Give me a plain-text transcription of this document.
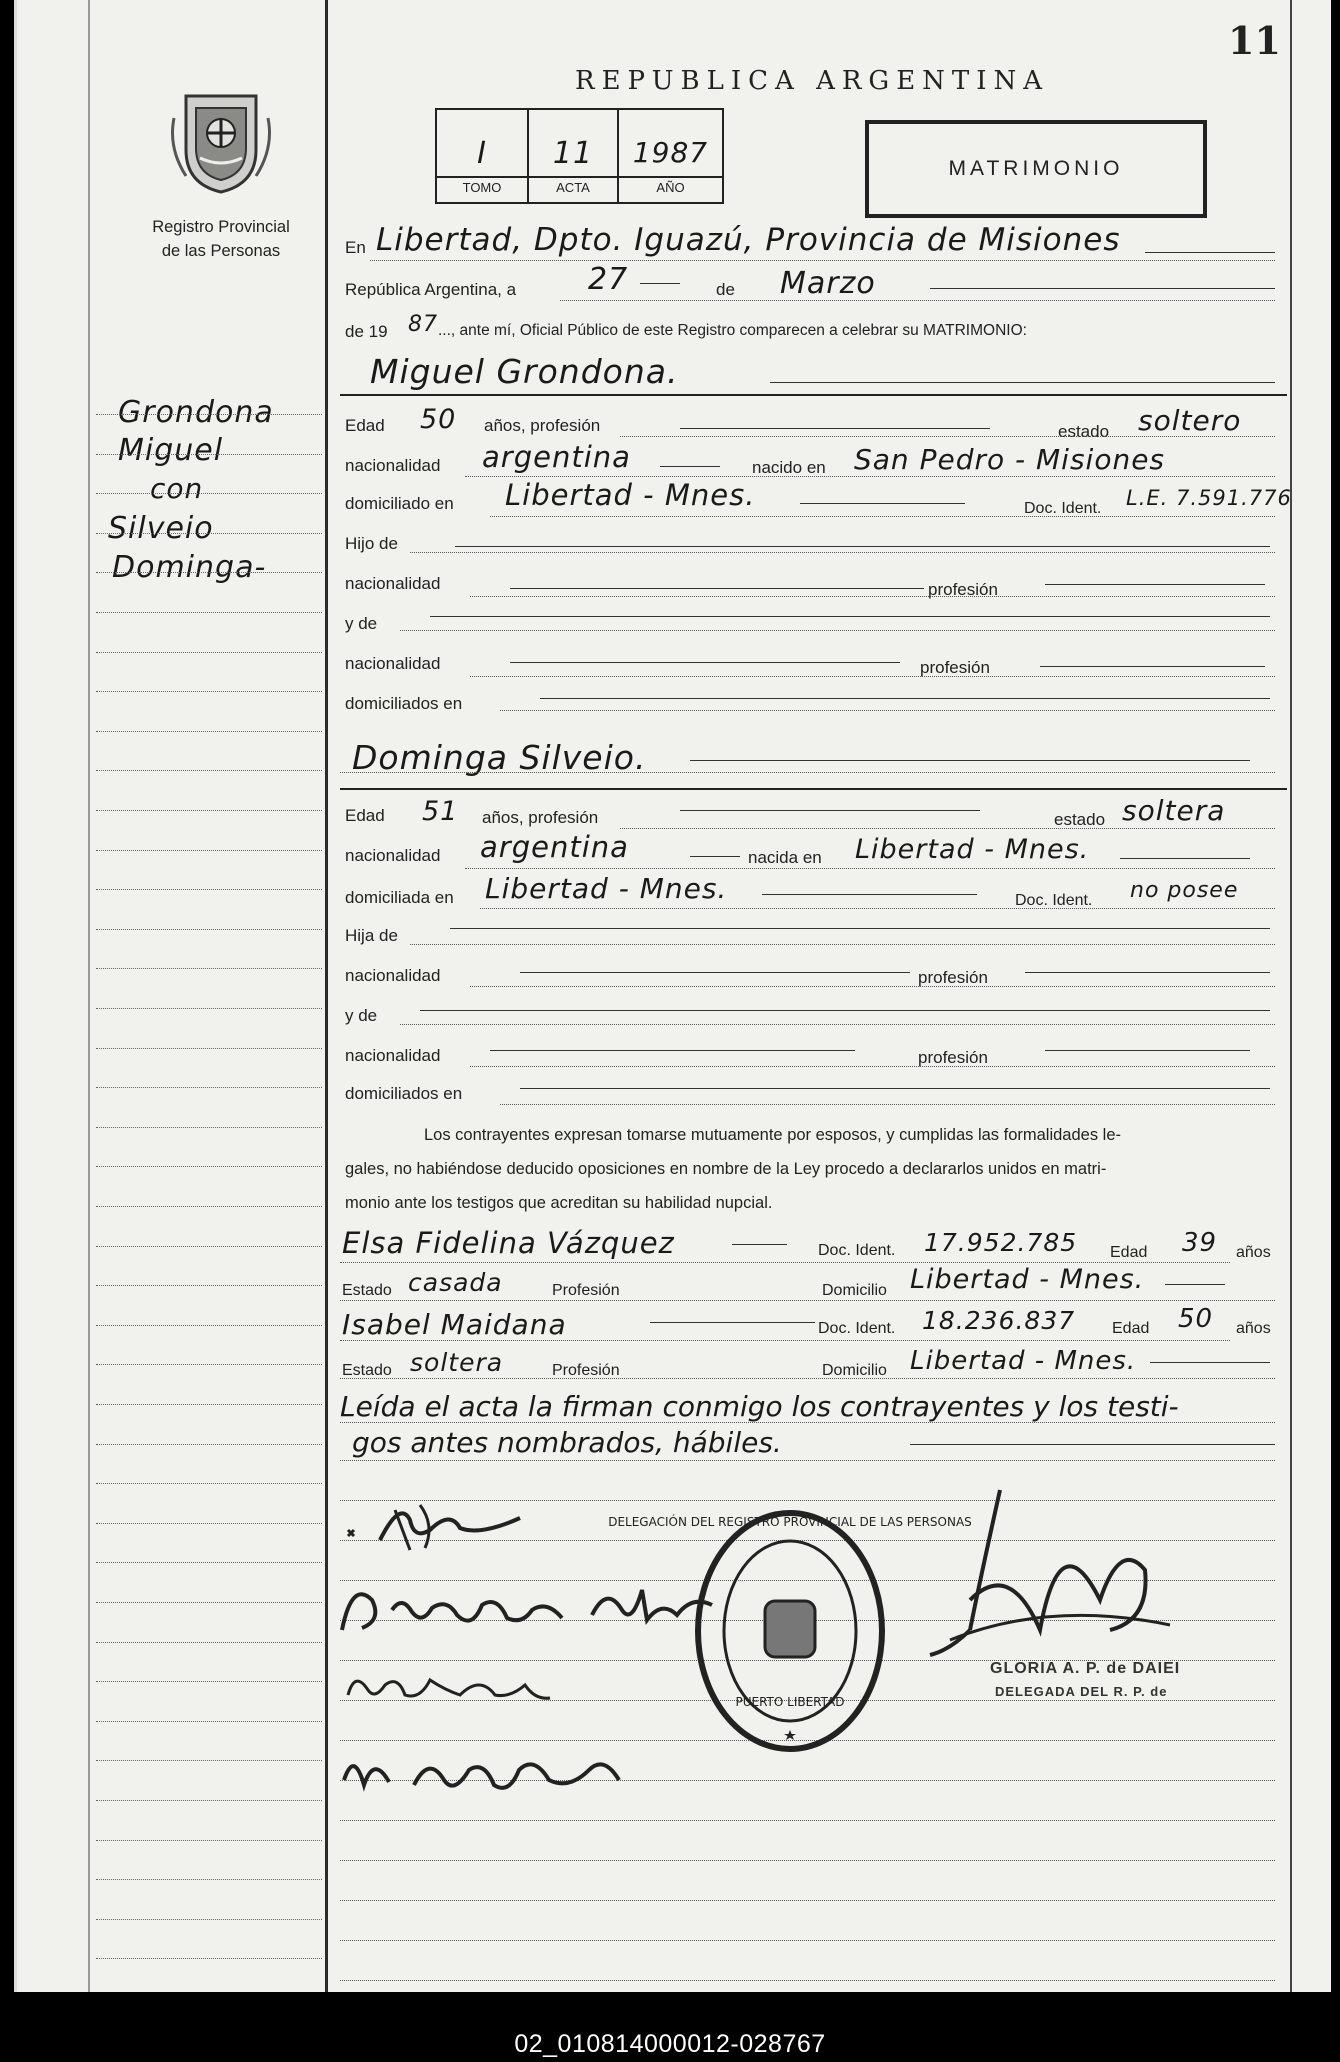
11
Registro Provincial
de las Personas
REPUBLICA ARGENTINA
I	11	1987
TOMO	ACTA	AÑO
MATRIMONIO
Grondona
Miguel
con
Silveio
Dominga-
En Libertad, Dpto. Iguazú, Provincia de Misiones
República Argentina, a 27	de Marzo
de 19 87 ..., ante mí, Oficial Público de este Registro comparecen a celebrar su MATRIMONIO:
Miguel Grondona.
Edad 50 años, profesión	estado soltero
nacionalidad argentina	nacido en San Pedro - Misiones
domiciliado en Libertad - Mnes.	Doc. Ident. L.E. 7.591.776
Hijo de
nacionalidad	profesión
y de
nacionalidad	profesión
domiciliados en
Dominga Silveio.
Edad 51 años, profesión	estado soltera
nacionalidad argentina	nacida en Libertad - Mnes.
domiciliada en Libertad - Mnes.	Doc. Ident. no posee
Hija de
nacionalidad	profesión
y de
nacionalidad	profesión
domiciliados en
Los contrayentes expresan tomarse mutuamente por esposos, y cumplidas las formalidades le-
gales, no habiéndose deducido oposiciones en nombre de la Ley procedo a declararlos unidos en matri-
monio ante los testigos que acreditan su habilidad nupcial.
Elsa Fidelina Vázquez	Doc. Ident. 17.952.785 Edad 39 años
Estado casada	Profesión	Domicilio Libertad - Mnes.
Isabel Maidana	Doc. Ident. 18.236.837 Edad 50 años
Estado soltera	Profesión	Domicilio Libertad - Mnes.
Leída el acta la firman conmigo los contrayentes y los testi-
gos antes nombrados, hábiles.
DELEGACIÓN DEL REGISTRO PROVINCIAL DE LAS PERSONAS
PUERTO LIBERTAD
GLORIA A. P. de DAIEI
DELEGADA DEL R. P. de
02_010814000012-028767
